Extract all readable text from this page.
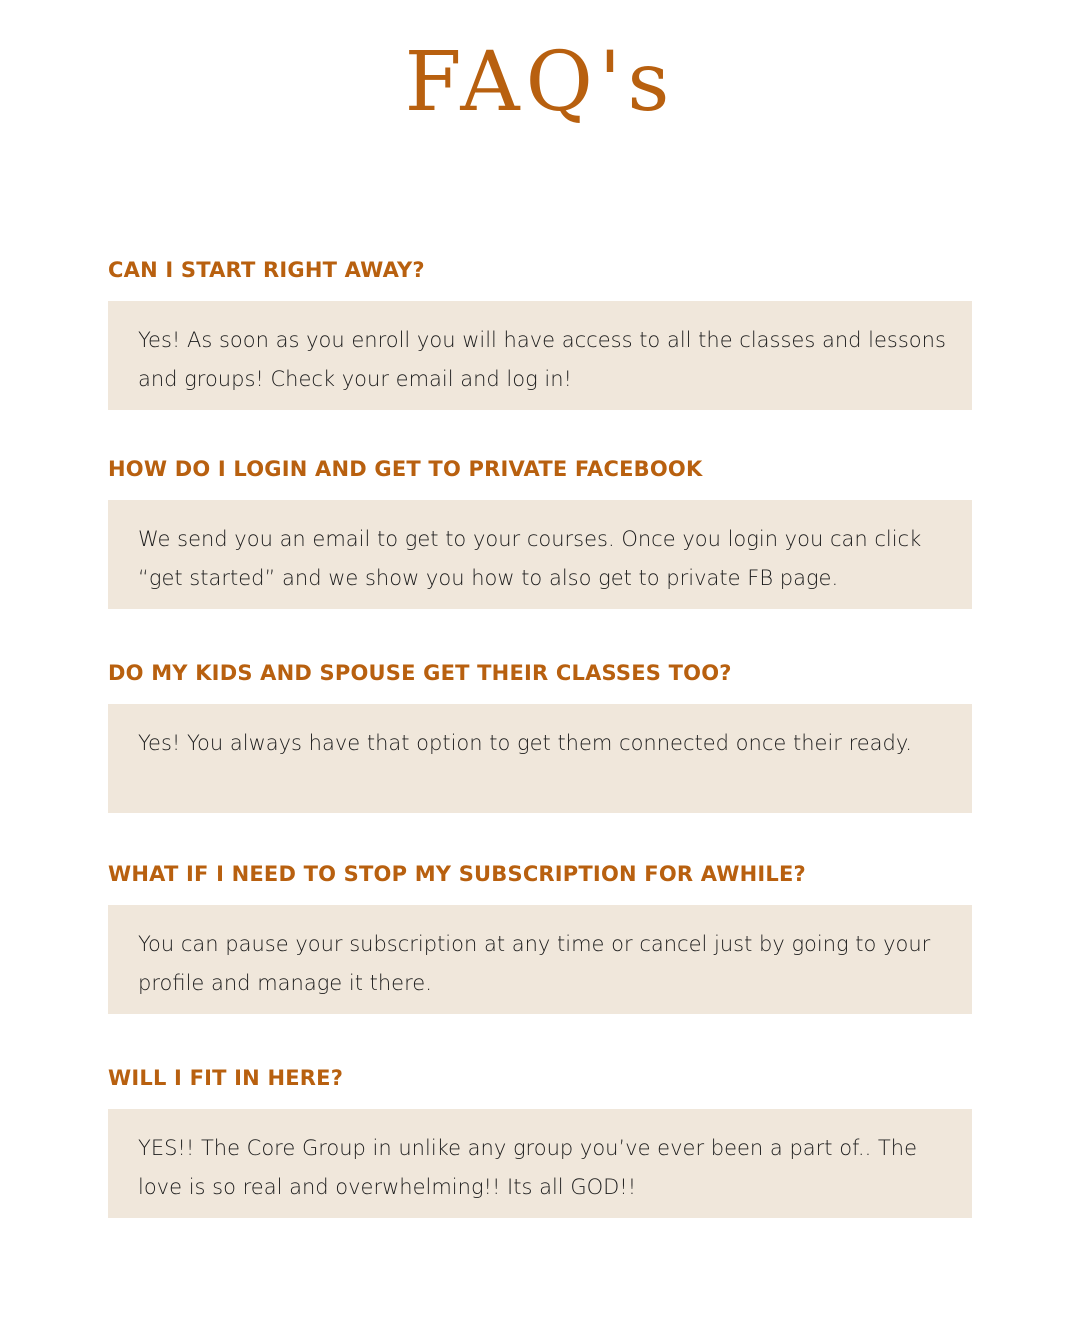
FAQ's
CAN I START RIGHT AWAY?

Yes! As soon as you enroll you will have access to all the classes and lessons and groups! Check your email and log in!

HOW DO I LOGIN AND GET TO PRIVATE FACEBOOK

We send you an email to get to your courses. Once you login you can click “get started” and we show you how to also get to private FB page.

DO MY KIDS AND SPOUSE GET THEIR CLASSES TOO?

Yes! You always have that option to get them connected once their ready.

WHAT IF I NEED TO STOP MY SUBSCRIPTION FOR AWHILE?

You can pause your subscription at any time or cancel just by going to your profile and manage it there.

WILL I FIT IN HERE?

YES!! The Core Group in unlike any group you’ve ever been a part of.. The love is so real and overwhelming!! Its all GOD!!
